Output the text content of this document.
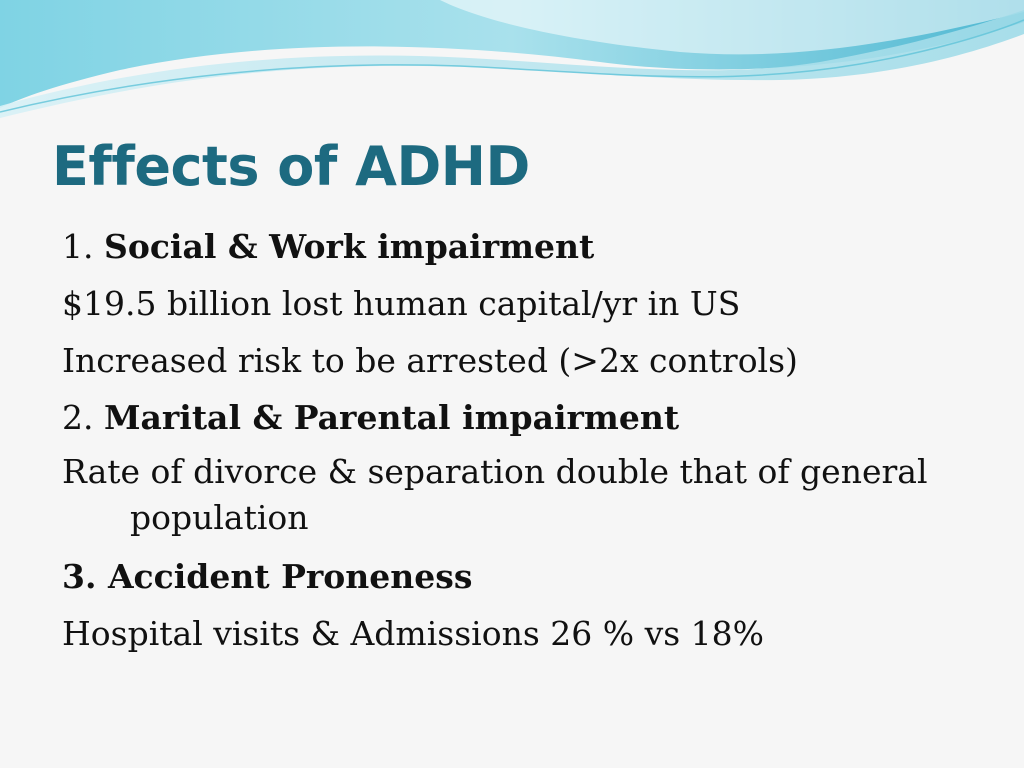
Effects of ADHD
1. Social & Work impairment
$19.5 billion lost human capital/yr in US
Increased risk to be arrested (>2x controls)
2. Marital & Parental impairment
Rate of divorce & separation double that of general population
3. Accident Proneness
Hospital visits & Admissions 26 % vs 18%
